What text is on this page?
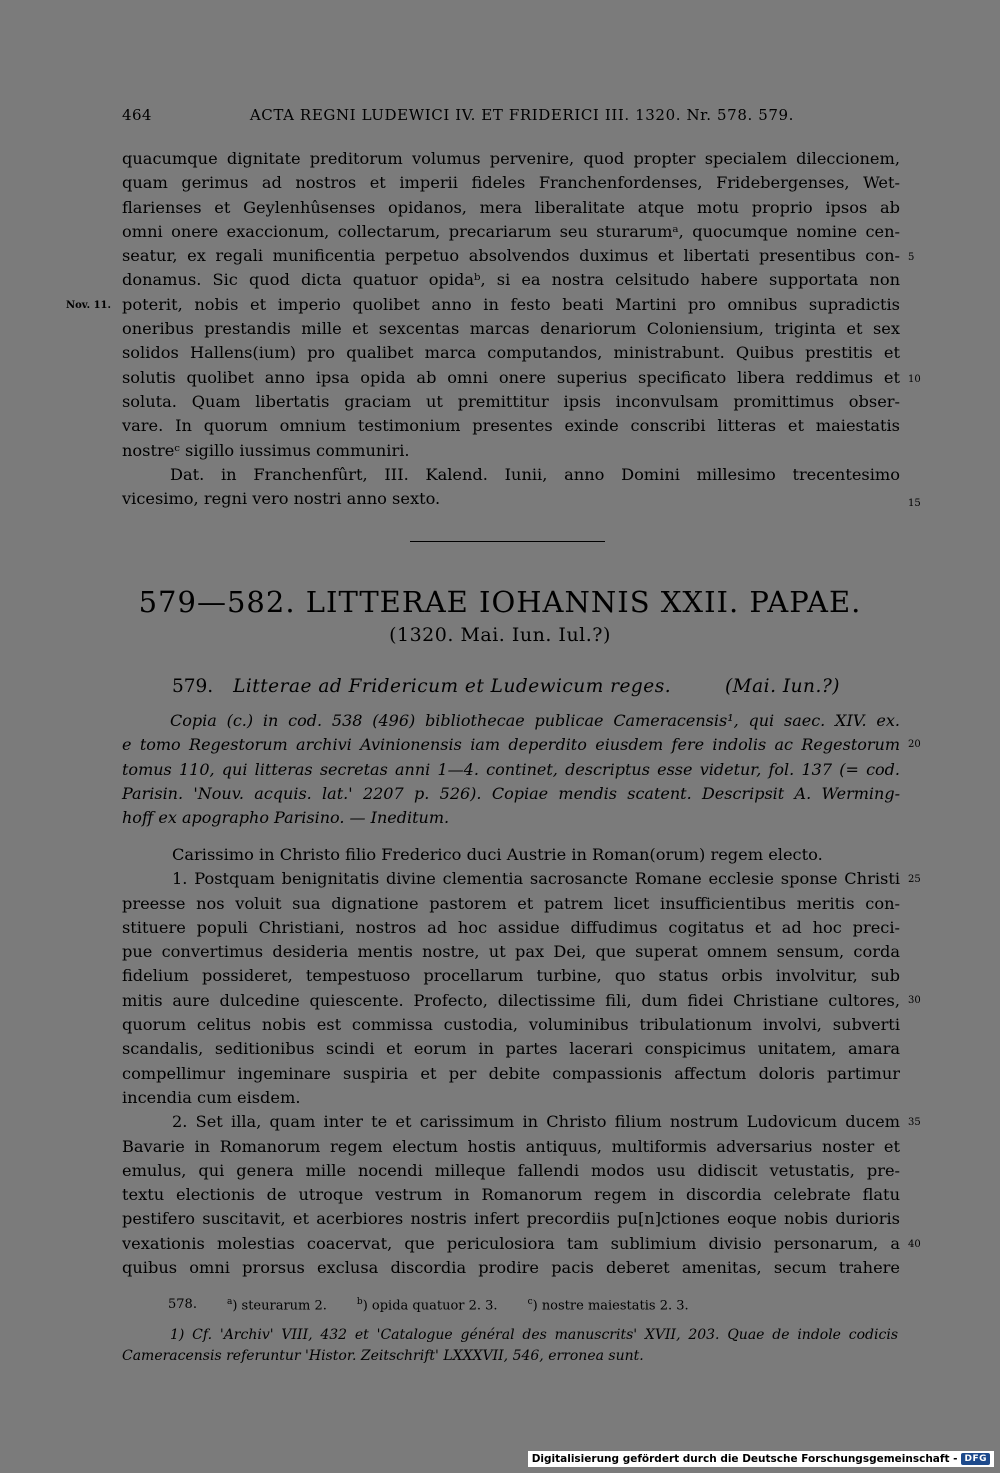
464	ACTA REGNI LUDEWICI IV. ET FRIDERICI III. 1320. Nr. 578. 579.
quacumque dignitate preditorum volumus pervenire, quod propter specialem dileccionem,
quam gerimus ad nostros et imperii fideles Franchenfordenses, Fridebergenses, Wet-
flarienses et Geylenhûsenses opidanos, mera liberalitate atque motu proprio ipsos ab
omni onere exaccionum, collectarum, precariarum seu sturarumᵃ, quocumque nomine cen-
seatur, ex regali munificentia perpetuo absolvendos duximus et libertati presentibus con-
donamus. Sic quod dicta quatuor opidaᵇ, si ea nostra celsitudo habere supportata non
poterit, nobis et imperio quolibet anno in festo beati Martini pro omnibus supradictis
oneribus prestandis mille et sexcentas marcas denariorum Coloniensium, triginta et sex
solidos Hallens(ium) pro qualibet marca computandos, ministrabunt. Quibus prestitis et
solutis quolibet anno ipsa opida ab omni onere superius specificato libera reddimus et
soluta. Quam libertatis graciam ut premittitur ipsis inconvulsam promittimus obser-
vare. In quorum omnium testimonium presentes exinde conscribi litteras et maiestatis
nostreᶜ sigillo iussimus communiri.
Dat. in Franchenfûrt, III. Kalend. Iunii, anno Domini millesimo trecentesimo
vicesimo, regni vero nostri anno sexto.
Nov. 11.
5
10
15
579—582. LITTERAE IOHANNIS XXII. PAPAE.
(1320. Mai. Iun. Iul.?)
579. Litterae ad Fridericum et Ludewicum reges.	(Mai. Iun.?)
Copia (c.) in cod. 538 (496) bibliothecae publicae Cameracensis¹, qui saec. XIV. ex.
e tomo Regestorum archivi Avinionensis iam deperdito eiusdem fere indolis ac Regestorum
tomus 110, qui litteras secretas anni 1—4. continet, descriptus esse videtur, fol. 137 (= cod.
Parisin. 'Nouv. acquis. lat.' 2207 p. 526). Copiae mendis scatent. Descripsit A. Werming-
hoff ex apographo Parisino. — Ineditum.
Carissimo in Christo filio Frederico duci Austrie in Roman(orum) regem electo.
1. Postquam benignitatis divine clementia sacrosancte Romane ecclesie sponse Christi
preesse nos voluit sua dignatione pastorem et patrem licet insufficientibus meritis con-
stituere populi Christiani, nostros ad hoc assidue diffudimus cogitatus et ad hoc preci-
pue convertimus desideria mentis nostre, ut pax Dei, que superat omnem sensum, corda
fidelium possideret, tempestuoso procellarum turbine, quo status orbis involvitur, sub
mitis aure dulcedine quiescente. Profecto, dilectissime fili, dum fidei Christiane cultores,
quorum celitus nobis est commissa custodia, voluminibus tribulationum involvi, subverti
scandalis, seditionibus scindi et eorum in partes lacerari conspicimus unitatem, amara
compellimur ingeminare suspiria et per debite compassionis affectum doloris partimur
incendia cum eisdem.
2. Set illa, quam inter te et carissimum in Christo filium nostrum Ludovicum ducem
Bavarie in Romanorum regem electum hostis antiquus, multiformis adversarius noster et
emulus, qui genera mille nocendi milleque fallendi modos usu didiscit vetustatis, pre-
textu electionis de utroque vestrum in Romanorum regem in discordia celebrate flatu
pestifero suscitavit, et acerbiores nostris infert precordiis pu[n]ctiones eoque nobis durioris
vexationis molestias coacervat, que periculosiora tam sublimium divisio personarum, a
quibus omni prorsus exclusa discordia prodire pacis deberet amenitas, secum trahere
20
25
30
35
40
578.	$^a$) steurarum 2.	$^b$) opida quatuor 2. 3.	$^c$) nostre maiestatis 2. 3.
1) Cf. 'Archiv' VIII, 432 et 'Catalogue général des manuscrits' XVII, 203. Quae de indole codicis
Cameracensis referuntur 'Histor. Zeitschrift' LXXXVII, 546, erronea sunt.
Digitalisierung gefördert durch die Deutsche Forschungsgemeinschaft - DFG
